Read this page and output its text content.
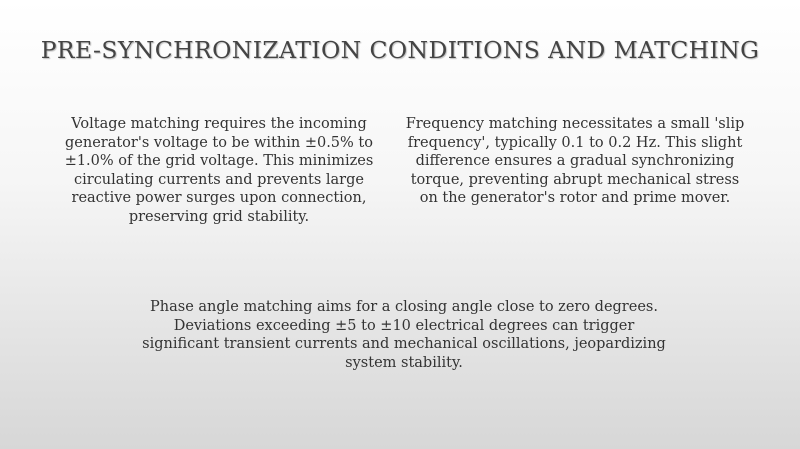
PRE-SYNCHRONIZATION CONDITIONS AND MATCHING

Voltage matching requires the incoming generator's voltage to be within ±0.5% to ±1.0% of the grid voltage. This minimizes circulating currents and prevents large reactive power surges upon connection, preserving grid stability.

Frequency matching necessitates a small 'slip frequency', typically 0.1 to 0.2 Hz. This slight difference ensures a gradual synchronizing torque, preventing abrupt mechanical stress on the generator's rotor and prime mover.

Phase angle matching aims for a closing angle close to zero degrees. Deviations exceeding ±5 to ±10 electrical degrees can trigger significant transient currents and mechanical oscillations, jeopardizing system stability.
